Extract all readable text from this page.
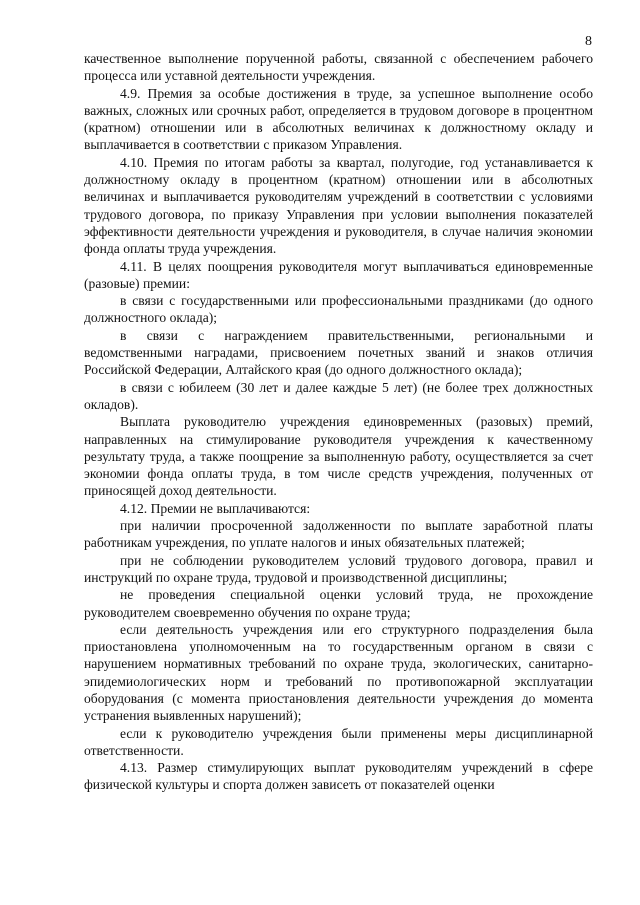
8

качественное выполнение порученной работы, связанной с обеспечением рабочего процесса или уставной деятельности учреждения.

4.9. Премия за особые достижения в труде, за успешное выполнение особо важных, сложных или срочных работ, определяется в трудовом договоре в процентном (кратном) отношении или в абсолютных величинах к должностному окладу и выплачивается в соответствии с приказом Управления.

4.10. Премия по итогам работы за квартал, полугодие, год устанавливается к должностному окладу в процентном (кратном) отношении или в абсолютных величинах и выплачивается руководителям учреждений в соответствии с условиями трудового договора, по приказу Управления при условии выполнения показателей эффективности деятельности учреждения и руководителя, в случае наличия экономии фонда оплаты труда учреждения.

4.11. В целях поощрения руководителя могут выплачиваться единовременные (разовые) премии:

в связи с государственными или профессиональными праздниками (до одного должностного оклада);

в связи с награждением правительственными, региональными и ведомственными наградами, присвоением почетных званий и знаков отличия Российской Федерации, Алтайского края (до одного должностного оклада);

в связи с юбилеем (30 лет и далее каждые 5 лет) (не более трех должностных окладов).

Выплата руководителю учреждения единовременных (разовых) премий, направленных на стимулирование руководителя учреждения к качественному результату труда, а также поощрение за выполненную работу, осуществляется за счет экономии фонда оплаты труда, в том числе средств учреждения, полученных от приносящей доход деятельности.

4.12. Премии не выплачиваются:

при наличии просроченной задолженности по выплате заработной платы работникам учреждения, по уплате налогов и иных обязательных платежей;

при не соблюдении руководителем условий трудового договора, правил и инструкций по охране труда, трудовой и производственной дисциплины;

не проведения специальной оценки условий труда, не прохождение руководителем своевременно обучения по охране труда;

если деятельность учреждения или его структурного подразделения была приостановлена уполномоченным на то государственным органом в связи с нарушением нормативных требований по охране труда, экологических, санитарно-эпидемиологических норм и требований по противопожарной эксплуатации оборудования (с момента приостановления деятельности учреждения до момента устранения выявленных нарушений);

если к руководителю учреждения были применены меры дисциплинарной ответственности.

4.13. Размер стимулирующих выплат руководителям учреждений в сфере физической культуры и спорта должен зависеть от показателей оценки
